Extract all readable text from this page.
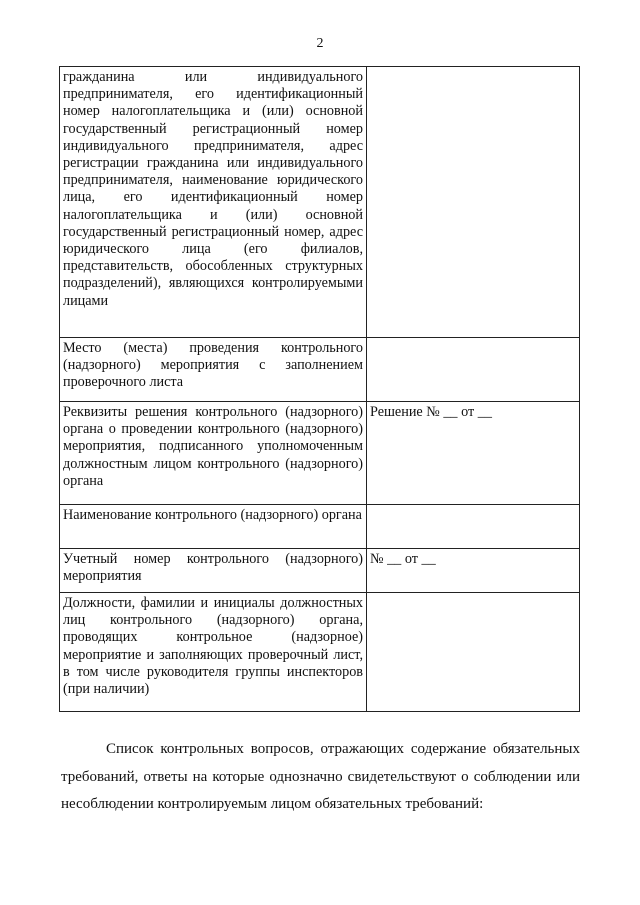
2
гражданина или индивидуального предпринимателя, его идентификационный номер налогоплательщика и (или) основной государственный регистрационный номер индивидуального предпринимателя, адрес регистрации гражданина или индивидуального предпринимателя, наименование юридического лица, его идентификационный номер налогоплательщика и (или) основной государственный регистрационный номер, адрес юридического лица (его филиалов, представительств, обособленных структурных подразделений), являющихся контролируемыми лицами	
Место (места) проведения контрольного (надзорного) мероприятия с заполнением проверочного листа	
Реквизиты решения контрольного (надзорного) органа о проведении контрольного (надзорного) мероприятия, подписанного уполномоченным должностным лицом контрольного (надзорного) органа	Решение № __ от __
Наименование контрольного (надзорного) органа	
Учетный номер контрольного (надзорного) мероприятия	№ __ от __
Должности, фамилии и инициалы должностных лиц контрольного (надзорного) органа, проводящих контрольное (надзорное) мероприятие и заполняющих проверочный лист, в том числе руководителя группы инспекторов (при наличии)	
Список контрольных вопросов, отражающих содержание обязательных требований, ответы на которые однозначно свидетельствуют о соблюдении или несоблюдении контролируемым лицом обязательных требований:
